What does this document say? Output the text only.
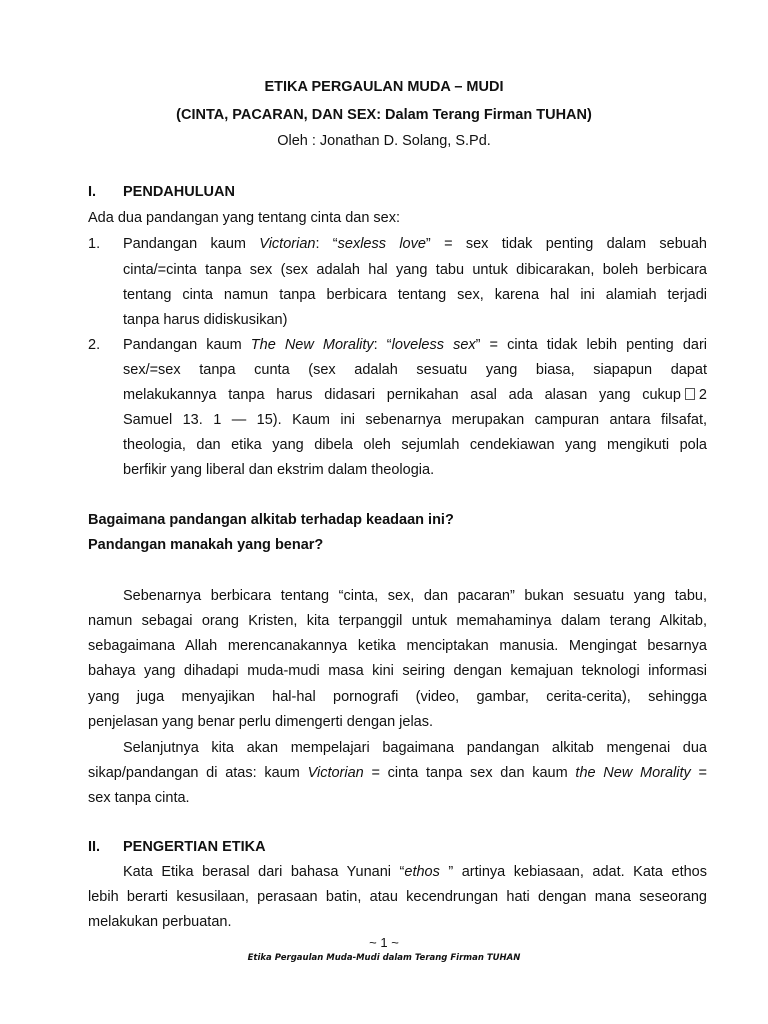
ETIKA PERGAULAN MUDA – MUDI
(CINTA, PACARAN, DAN SEX: Dalam Terang Firman TUHAN)
Oleh : Jonathan D. Solang, S.Pd.
I. PENDAHULUAN
Ada dua pandangan yang tentang cinta dan sex:
1. Pandangan kaum Victorian: “sexless love” = sex tidak penting dalam sebuah
cinta/=cinta tanpa sex (sex adalah hal yang tabu untuk dibicarakan, boleh berbicara
tentang cinta namun tanpa berbicara tentang sex, karena hal ini alamiah terjadi
tanpa harus didiskusikan)
2. Pandangan kaum The New Morality: “loveless sex” = cinta tidak lebih penting dari
sex/=sex tanpa cunta (sex adalah sesuatu yang biasa, siapapun dapat
melakukannya tanpa harus didasari pernikahan asal ada alasan yang cukup 2
Samuel 13. 1 — 15). Kaum ini sebenarnya merupakan campuran antara filsafat,
theologia, dan etika yang dibela oleh sejumlah cendekiawan yang mengikuti pola
berfikir yang liberal dan ekstrim dalam theologia.
Bagaimana pandangan alkitab terhadap keadaan ini?
Pandangan manakah yang benar?
Sebenarnya berbicara tentang “cinta, sex, dan pacaran” bukan sesuatu yang tabu,
namun sebagai orang Kristen, kita terpanggil untuk memahaminya dalam terang Alkitab,
sebagaimana Allah merencanakannya ketika menciptakan manusia. Mengingat besarnya
bahaya yang dihadapi muda-mudi masa kini seiring dengan kemajuan teknologi informasi
yang juga menyajikan hal-hal pornografi (video, gambar, cerita-cerita), sehingga
penjelasan yang benar perlu dimengerti dengan jelas.
Selanjutnya kita akan mempelajari bagaimana pandangan alkitab mengenai dua
sikap/pandangan di atas: kaum Victorian = cinta tanpa sex dan kaum the New Morality =
sex tanpa cinta.
II. PENGERTIAN ETIKA
Kata Etika berasal dari bahasa Yunani “ethos ” artinya kebiasaan, adat. Kata ethos
lebih berarti kesusilaan, perasaan batin, atau kecendrungan hati dengan mana seseorang
melakukan perbuatan.
~ 1 ~
Etika Pergaulan Muda-Mudi dalam Terang Firman TUHAN
